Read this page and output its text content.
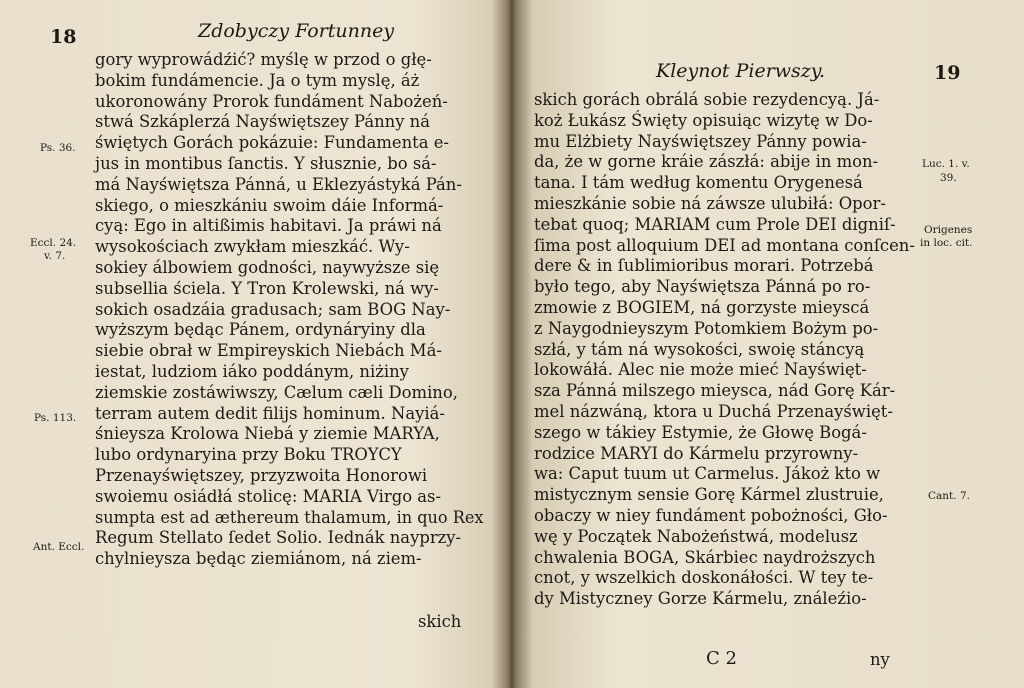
18	Zdobyczy Fortunney
gory wyprowádźić? myślę w przod o głę-
bokim fundámencie. Ja o tym myslę, áż
ukoronowány Prorok fundáment Nabożeń-
stwá Szkáplerzá Nayświętszey Pánny ná
świętych Gorách pokázuie: Fundamenta e-
jus in montibus ſanctis. Y słusznie, bo sá-
má Nayświętsza Pánná, u Eklezyástyká Pán-
skiego, o mieszkániu swoim dáie Informá-
cyą: Ego in altißimis habitavi. Ja práwi ná
wysokościach zwykłam mieszkáć. Wy-
sokiey álbowiem godności, naywyższe się
subsellia ściela. Y Tron Krolewski, ná wy-
sokich osadzáia gradusach; sam BOG Nay-
wyższym będąc Pánem, ordynáryiny dla
siebie obrał w Empireyskich Niebách Má-
iestat, ludziom iáko poddánym, niżiny
ziemskie zostáwiwszy, Cælum cæli Domino,
terram autem dedit filijs hominum. Nayiá-
śnieysza Krolowa Niebá y ziemie MARYA,
lubo ordynaryina przy Boku TROYCY
Przenayświętszey, przyzwoita Honorowi
swoiemu osiádłá stolicę: MARIA Virgo as-
sumpta est ad æthereum thalamum, in quo Rex
Regum Stellato ſedet Solio. Iednák nayprzy-
chylnieysza będąc ziemiánom, ná ziem-
Ps. 36.
Eccl. 24.
v. 7.
Ps. 113.
Ant. Eccl.
skich
Kleynot Pierwszy.	19
skich gorách obrálá sobie rezydencyą. Já-
koż Łukász Święty opisuiąc wizytę w Do-
mu Elżbiety Nayświętszey Pánny powia-
da, że w gorne kráie zászłá: abije in mon-
tana. I tám według komentu Orygenesá
mieszkánie sobie ná záwsze ulubiłá: Opor-
tebat quoq; MARIAM cum Prole DEI digniſ-
ſima post alloquium DEI ad montana conſcen-
dere & in ſublimioribus morari. Potrzebá
było tego, aby Nayświętsza Pánná po ro-
zmowie z BOGIEM, ná gorzyste mieyscá
z Naygodnieyszym Potomkiem Bożym po-
szłá, y tám ná wysokości, swoię stáncyą
lokowáłá. Alec nie może mieć Nayświęt-
sza Pánná milszego mieysca, nád Gorę Kár-
mel názwáną, ktora u Duchá Przenayświęt-
szego w tákiey Estymie, że Głowę Bogá-
rodzice MARYI do Kármelu przyrowny-
wa: Caput tuum ut Carmelus. Jákoż kto w
mistycznym sensie Gorę Kármel zlustruie,
obaczy w niey fundáment pobożności, Gło-
wę y Początek Nabożeństwá, modelusz
chwalenia BOGA, Skárbiec naydroższych
cnot, y wszelkich doskonáłości. W tey te-
dy Mistyczney Gorze Kármelu, ználeźio-
Luc. 1. v.
39.
Origenes
in loc. cit.
Cant. 7.
C 2	ny
